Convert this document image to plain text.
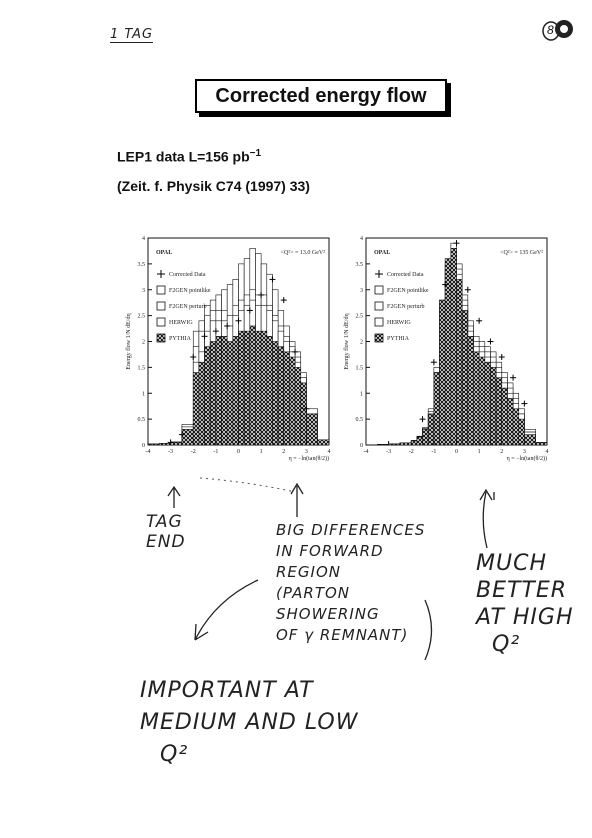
1 TAG	8
Corrected energy flow
LEP1 data L=156 $pb^{-1}$
(Zeit. f. Physik C74 (1997) 33)
-4	-3	-2	-1	0	1	2	3	4
0
0.5
1
1.5
2
2.5
3
3.5
4
η = −ln(tan(θ/2))
Energy flow 1/N dE/dη
OPAL	<Q²> = 13.0 GeV²
Corrected Data
F2GEN pointlike
F2GEN perturb
HERWIG
PYTHIA
-4	-3	-2	-1	0	1	2	3	4
0
0.5
1
1.5
2
2.5
3
3.5
4
η = −ln(tan(θ/2))
Energy flow 1/N dE/dη
OPAL	<Q²> = 135 GeV²
Corrected Data
F2GEN pointlike
F2GEN perturb
HERWIG
PYTHIA
TAG
END
BIG DIFFERENCES
IN FORWARD
REGION
(PARTON
SHOWERING
OF γ REMNANT)
MUCH
BETTER
AT HIGH
Q²
IMPORTANT AT
MEDIUM AND LOW
Q²
